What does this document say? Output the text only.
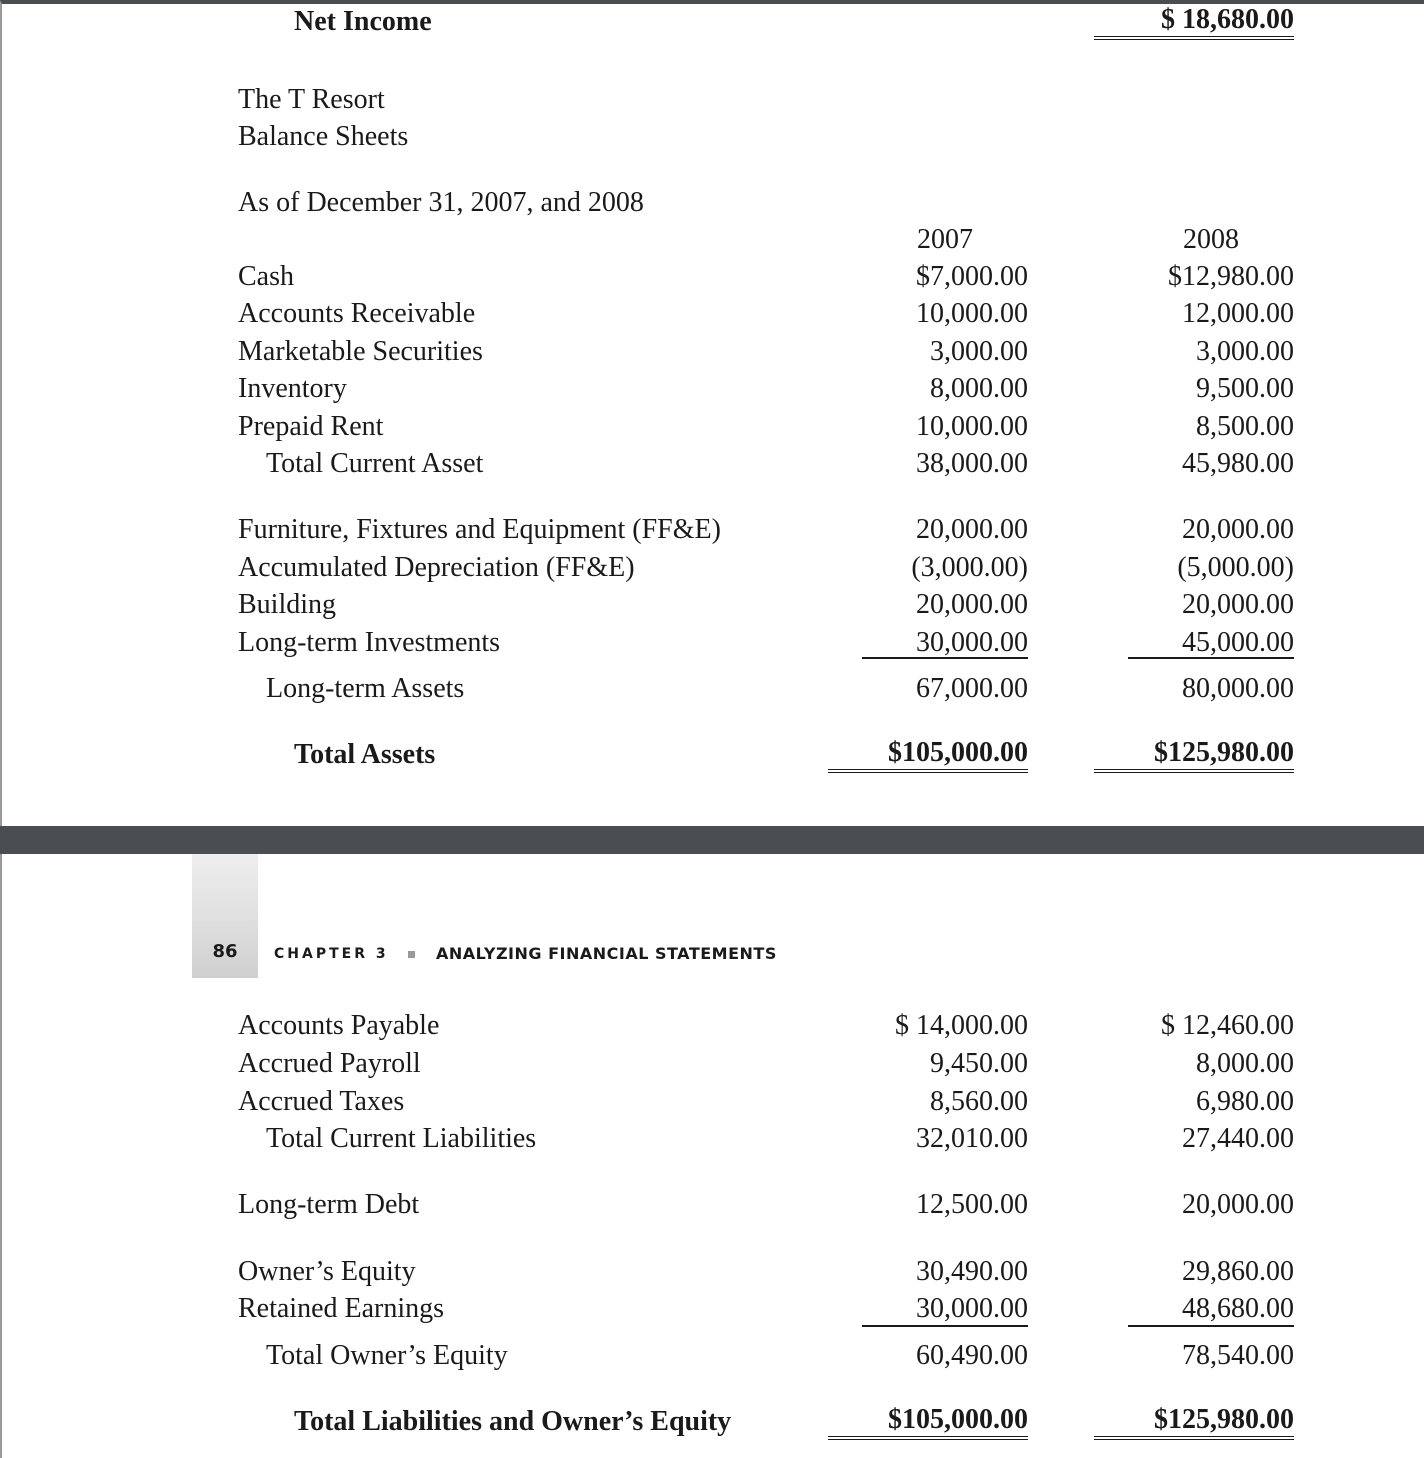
Net Income	$ 18,680.00
The T Resort
Balance Sheets
As of December 31, 2007, and 2008
2007	2008
Cash	$7,000.00	$12,980.00
Accounts Receivable	10,000.00	12,000.00
Marketable Securities	3,000.00	3,000.00
Inventory	8,000.00	9,500.00
Prepaid Rent	10,000.00	8,500.00
Total Current Asset	38,000.00	45,980.00
Furniture, Fixtures and Equipment (FF&E)	20,000.00	20,000.00
Accumulated Depreciation (FF&E)	(3,000.00)	(5,000.00)
Building	20,000.00	20,000.00
Long-term Investments	30,000.00	45,000.00
Long-term Assets	67,000.00	80,000.00
Total Assets	$105,000.00	$125,980.00
86	CHAPTER 3	ANALYZING FINANCIAL STATEMENTS
Accounts Payable	$ 14,000.00	$ 12,460.00
Accrued Payroll	9,450.00	8,000.00
Accrued Taxes	8,560.00	6,980.00
Total Current Liabilities	32,010.00	27,440.00
Long-term Debt	12,500.00	20,000.00
Owner’s Equity	30,490.00	29,860.00
Retained Earnings	30,000.00	48,680.00
Total Owner’s Equity	60,490.00	78,540.00
Total Liabilities and Owner’s Equity	$105,000.00	$125,980.00
